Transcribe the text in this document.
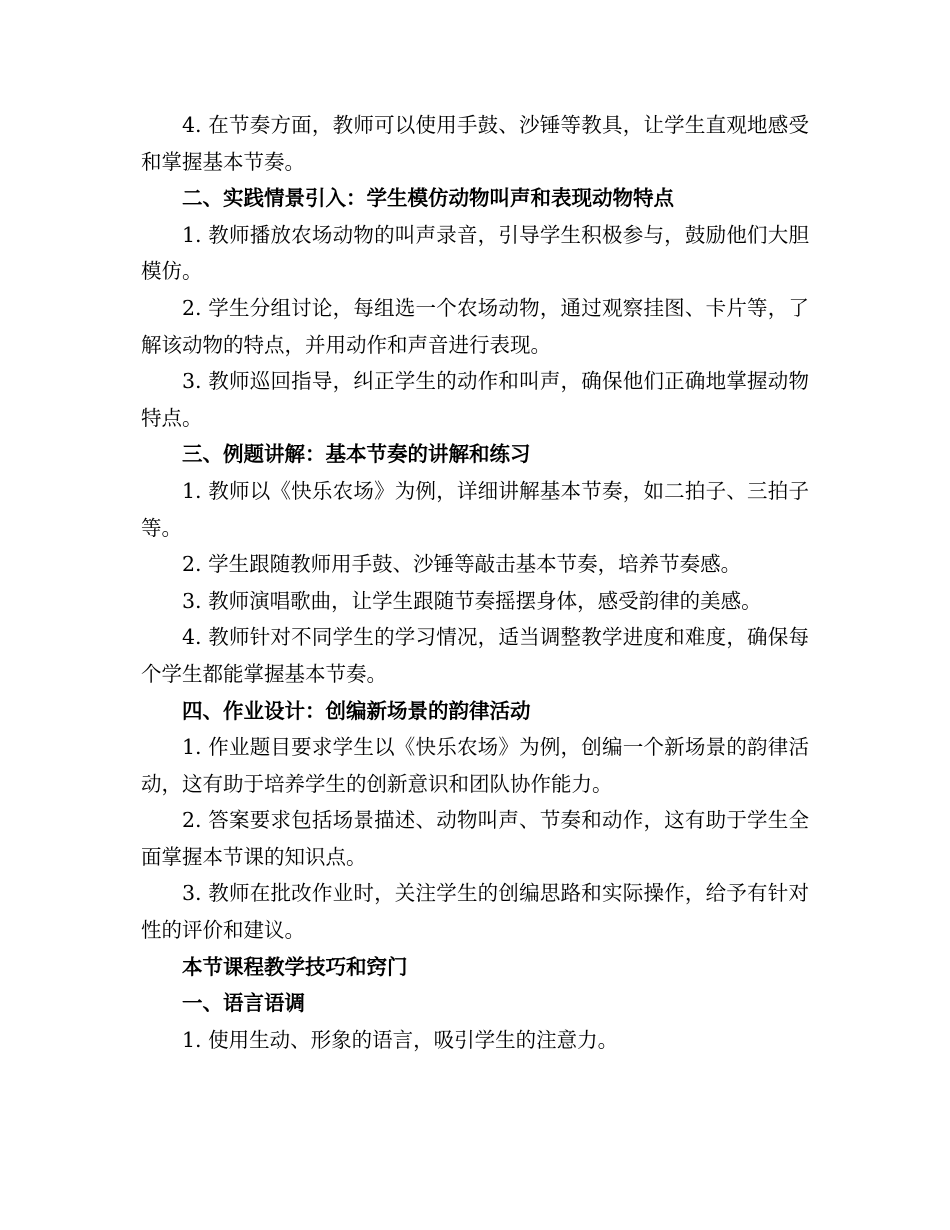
4. 在节奏方面，教师可以使用手鼓、沙锤等教具，让学生直观地感受和掌握基本节奏。

二、实践情景引入：学生模仿动物叫声和表现动物特点

1. 教师播放农场动物的叫声录音，引导学生积极参与，鼓励他们大胆模仿。

2. 学生分组讨论，每组选一个农场动物，通过观察挂图、卡片等，了解该动物的特点，并用动作和声音进行表现。

3. 教师巡回指导，纠正学生的动作和叫声，确保他们正确地掌握动物特点。

三、例题讲解：基本节奏的讲解和练习

1. 教师以《快乐农场》为例，详细讲解基本节奏，如二拍子、三拍子等。

2. 学生跟随教师用手鼓、沙锤等敲击基本节奏，培养节奏感。

3. 教师演唱歌曲，让学生跟随节奏摇摆身体，感受韵律的美感。

4. 教师针对不同学生的学习情况，适当调整教学进度和难度，确保每个学生都能掌握基本节奏。

四、作业设计：创编新场景的韵律活动

1. 作业题目要求学生以《快乐农场》为例，创编一个新场景的韵律活动，这有助于培养学生的创新意识和团队协作能力。

2. 答案要求包括场景描述、动物叫声、节奏和动作，这有助于学生全面掌握本节课的知识点。

3. 教师在批改作业时，关注学生的创编思路和实际操作，给予有针对性的评价和建议。

本节课程教学技巧和窍门

一、语言语调

1. 使用生动、形象的语言，吸引学生的注意力。
